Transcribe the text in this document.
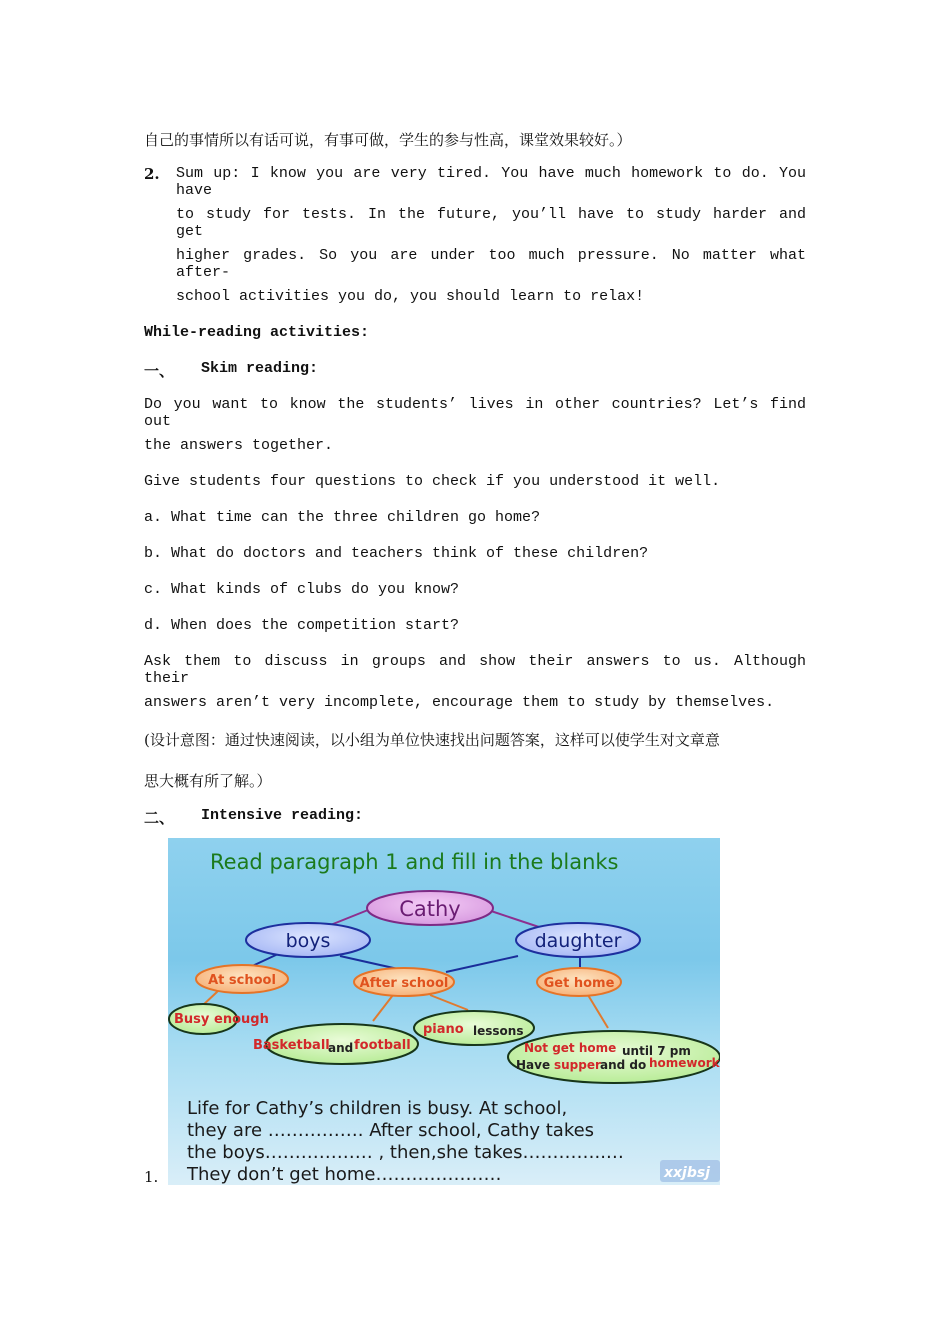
自己的事情所以有话可说，有事可做，学生的参与性高，课堂效果较好。）
2. Sum up: I know you are very tired. You have much homework to do. You have
to study for tests. In the future, you’ll have to study harder and get
higher grades. So you are under too much pressure. No matter what after-
school activities you do, you should learn to relax!
While-reading activities:
一、 Skim reading:
Do you want to know the students’ lives in other countries? Let’s find out
the answers together.
Give students four questions to check if you understood it well.
a. What time can the three children go home?
b. What do doctors and teachers think of these children?
c. What kinds of clubs do you know?
d. When does the competition start?
Ask them to discuss in groups and show their answers to us. Although their
answers aren’t very incomplete, encourage them to study by themselves.
(设计意图：通过快速阅读，以小组为单位快速找出问题答案，这样可以使学生对文章意
思大概有所了解。）
二、 Intensive reading:
1.
Read paragraph 1 and fill in the blanks
Cathy
boys	daughter
At school	After school	Get home
Busy enough
Basketball
and football
piano lessons
Not get home until 7 pm
Have supper and do homework
Life for Cathy’s children is busy. At school,
they are ……………. After school, Cathy takes
the boys……………… , then,she takes…………..…
They don’t get home…………………	xxjbsj
